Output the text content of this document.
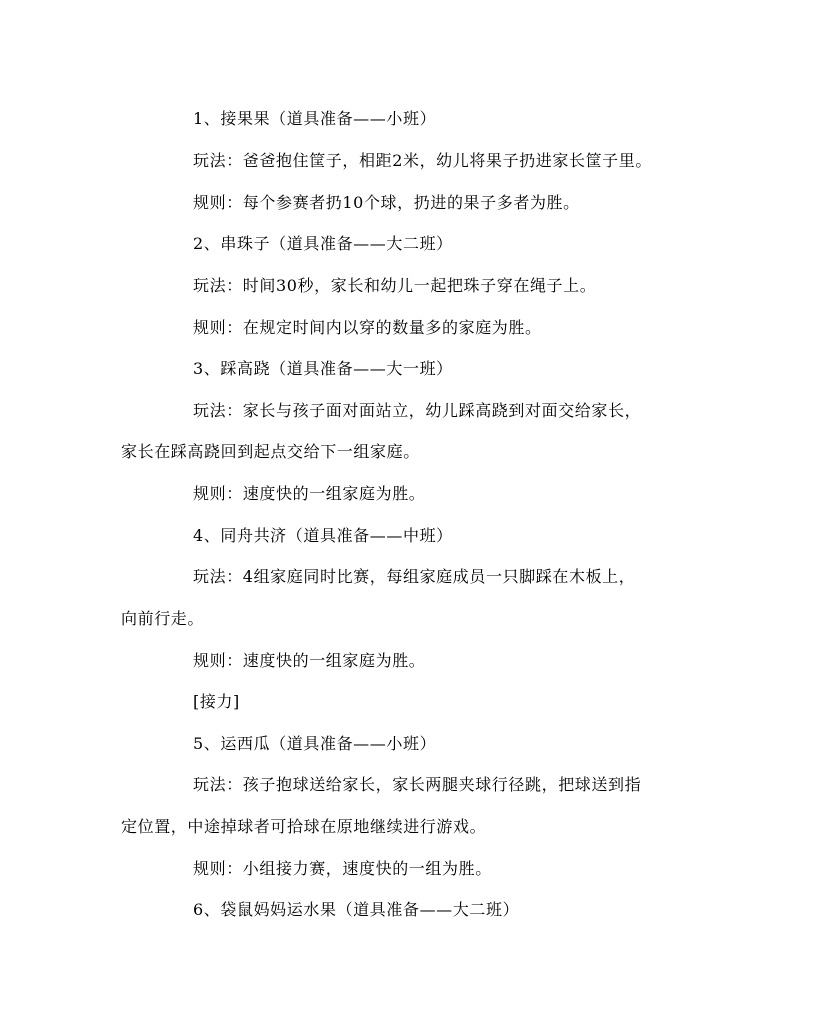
1、接果果（道具准备——小班）
玩法：爸爸抱住筐子，相距2米，幼儿将果子扔进家长筐子里。
规则：每个参赛者扔10个球，扔进的果子多者为胜。
2、串珠子（道具准备——大二班）
玩法：时间30秒，家长和幼儿一起把珠子穿在绳子上。
规则：在规定时间内以穿的数量多的家庭为胜。
3、踩高跷（道具准备——大一班）
玩法：家长与孩子面对面站立，幼儿踩高跷到对面交给家长，
家长在踩高跷回到起点交给下一组家庭。
规则：速度快的一组家庭为胜。
4、同舟共济（道具准备——中班）
玩法：4组家庭同时比赛，每组家庭成员一只脚踩在木板上，
向前行走。
规则：速度快的一组家庭为胜。
[接力]
5、运西瓜（道具准备——小班）
玩法：孩子抱球送给家长，家长两腿夹球行径跳，把球送到指
定位置，中途掉球者可拾球在原地继续进行游戏。
规则：小组接力赛，速度快的一组为胜。
6、袋鼠妈妈运水果（道具准备——大二班）
